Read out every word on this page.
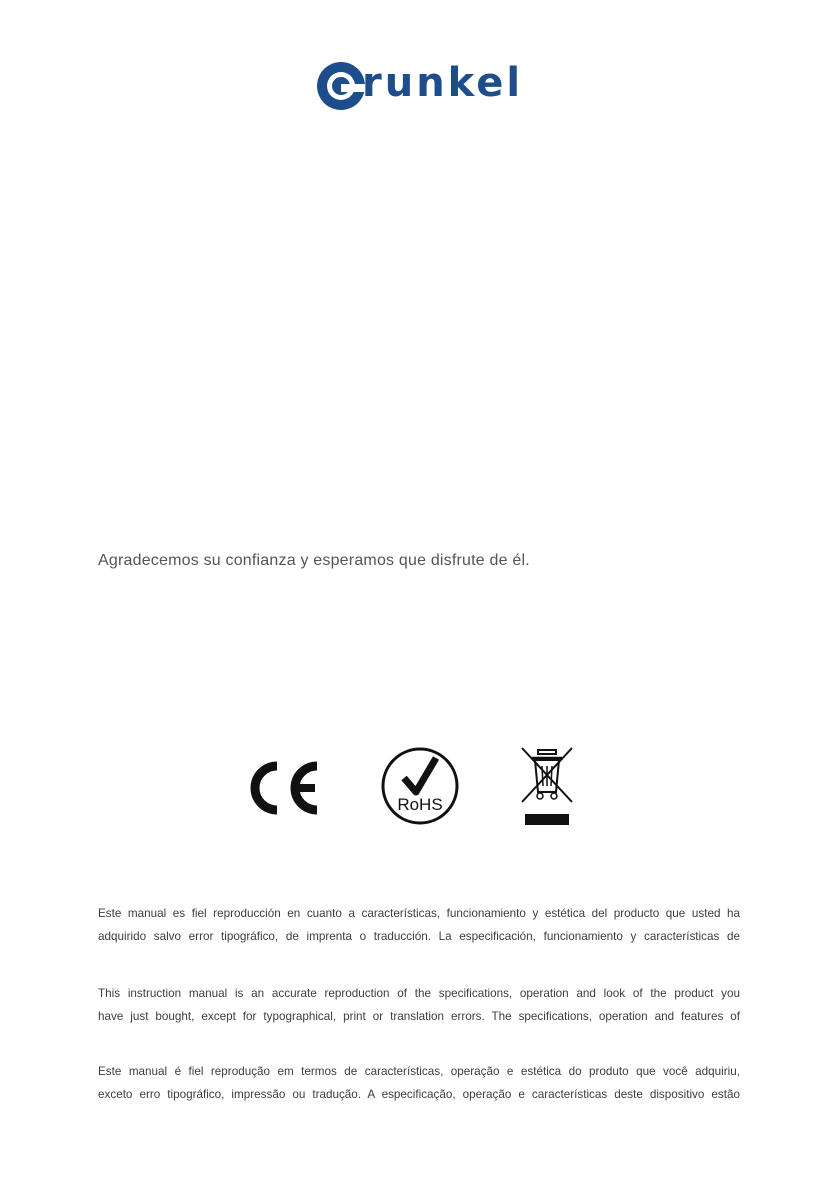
runkel
Agradecemos su confianza y esperamos que disfrute de él.
RoHS
Este manual es fiel reproducción en cuanto a características, funcionamiento y estética del producto que usted ha
adquirido salvo error tipográfico, de imprenta o traducción. La especificación, funcionamiento y características de
This instruction manual is an accurate reproduction of the specifications, operation and look of the product you
have just bought, except for typographical, print or translation errors. The specifications, operation and features of
Este manual é fiel reprodução em termos de características, operação e estética do produto que você adquiriu,
exceto erro tipográfico, impressão ou tradução. A especificação, operação e características deste dispositivo estão
